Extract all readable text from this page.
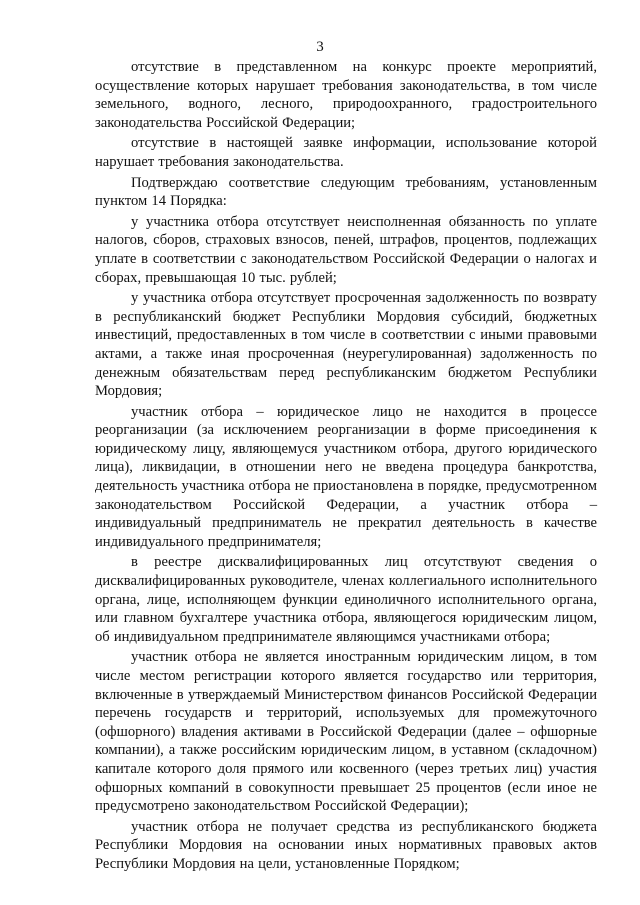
3

отсутствие в представленном на конкурс проекте мероприятий, осуществление которых нарушает требования законодательства, в том числе земельного, водного, лесного, природоохранного, градостроительного законодательства Российской Федерации;

отсутствие в настоящей заявке информации, использование которой нарушает требования законодательства.

Подтверждаю соответствие следующим требованиям, установленным пунктом 14 Порядка:

у участника отбора отсутствует неисполненная обязанность по уплате налогов, сборов, страховых взносов, пеней, штрафов, процентов, подлежащих уплате в соответствии с законодательством Российской Федерации о налогах и сборах, превышающая 10 тыс. рублей;

у участника отбора отсутствует просроченная задолженность по возврату в республиканский бюджет Республики Мордовия субсидий, бюджетных инвестиций, предоставленных в том числе в соответствии с иными правовыми актами, а также иная просроченная (неурегулированная) задолженность по денежным обязательствам перед республиканским бюджетом Республики Мордовия;

участник отбора – юридическое лицо не находится в процессе реорганизации (за исключением реорганизации в форме присоединения к юридическому лицу, являющемуся участником отбора, другого юридического лица), ликвидации, в отношении него не введена процедура банкротства, деятельность участника отбора не приостановлена в порядке, предусмотренном законодательством Российской Федерации, а участник отбора – индивидуальный предприниматель не прекратил деятельность в качестве индивидуального предпринимателя;

в реестре дисквалифицированных лиц отсутствуют сведения о дисквалифицированных руководителе, членах коллегиального исполнительного органа, лице, исполняющем функции единоличного исполнительного органа, или главном бухгалтере участника отбора, являющегося юридическим лицом, об индивидуальном предпринимателе являющимся участниками отбора;

участник отбора не является иностранным юридическим лицом, в том числе местом регистрации которого является государство или территория, включенные в утверждаемый Министерством финансов Российской Федерации перечень государств и территорий, используемых для промежуточного (офшорного) владения активами в Российской Федерации (далее – офшорные компании), а также российским юридическим лицом, в уставном (складочном) капитале которого доля прямого или косвенного (через третьих лиц) участия офшорных компаний в совокупности превышает 25 процентов (если иное не предусмотрено законодательством Российской Федерации);

участник отбора не получает средства из республиканского бюджета Республики Мордовия на основании иных нормативных правовых актов Республики Мордовия на цели, установленные Порядком;
